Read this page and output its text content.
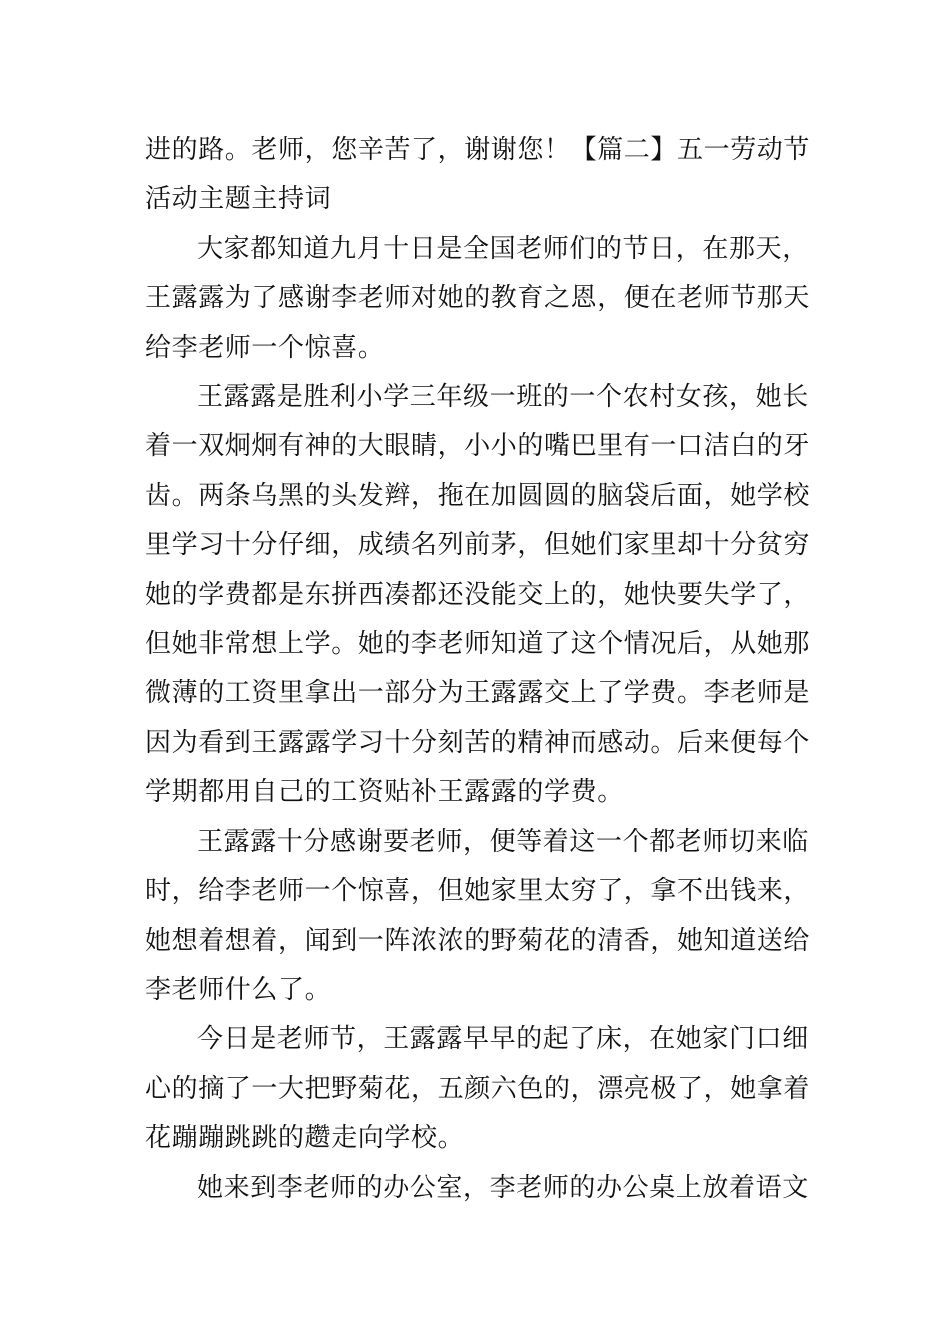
进的路。老师，您辛苦了，谢谢您！【篇二】五一劳动节
活动主题主持词
大家都知道九月十日是全国老师们的节日，在那天，
王露露为了感谢李老师对她的教育之恩，便在老师节那天
给李老师一个惊喜。
王露露是胜利小学三年级一班的一个农村女孩，她长
着一双炯炯有神的大眼睛，小小的嘴巴里有一口洁白的牙
齿。两条乌黑的头发辫，拖在加圆圆的脑袋后面，她学校
里学习十分仔细，成绩名列前茅，但她们家里却十分贫穷
她的学费都是东拼西凑都还没能交上的，她快要失学了，
但她非常想上学。她的李老师知道了这个情况后，从她那
微薄的工资里拿出一部分为王露露交上了学费。李老师是
因为看到王露露学习十分刻苦的精神而感动。后来便每个
学期都用自己的工资贴补王露露的学费。
王露露十分感谢要老师，便等着这一个都老师切来临
时，给李老师一个惊喜，但她家里太穷了，拿不出钱来，
她想着想着，闻到一阵浓浓的野菊花的清香，她知道送给
李老师什么了。
今日是老师节，王露露早早的起了床，在她家门口细
心的摘了一大把野菊花，五颜六色的，漂亮极了，她拿着
花蹦蹦跳跳的趱走向学校。
她来到李老师的办公室，李老师的办公桌上放着语文
